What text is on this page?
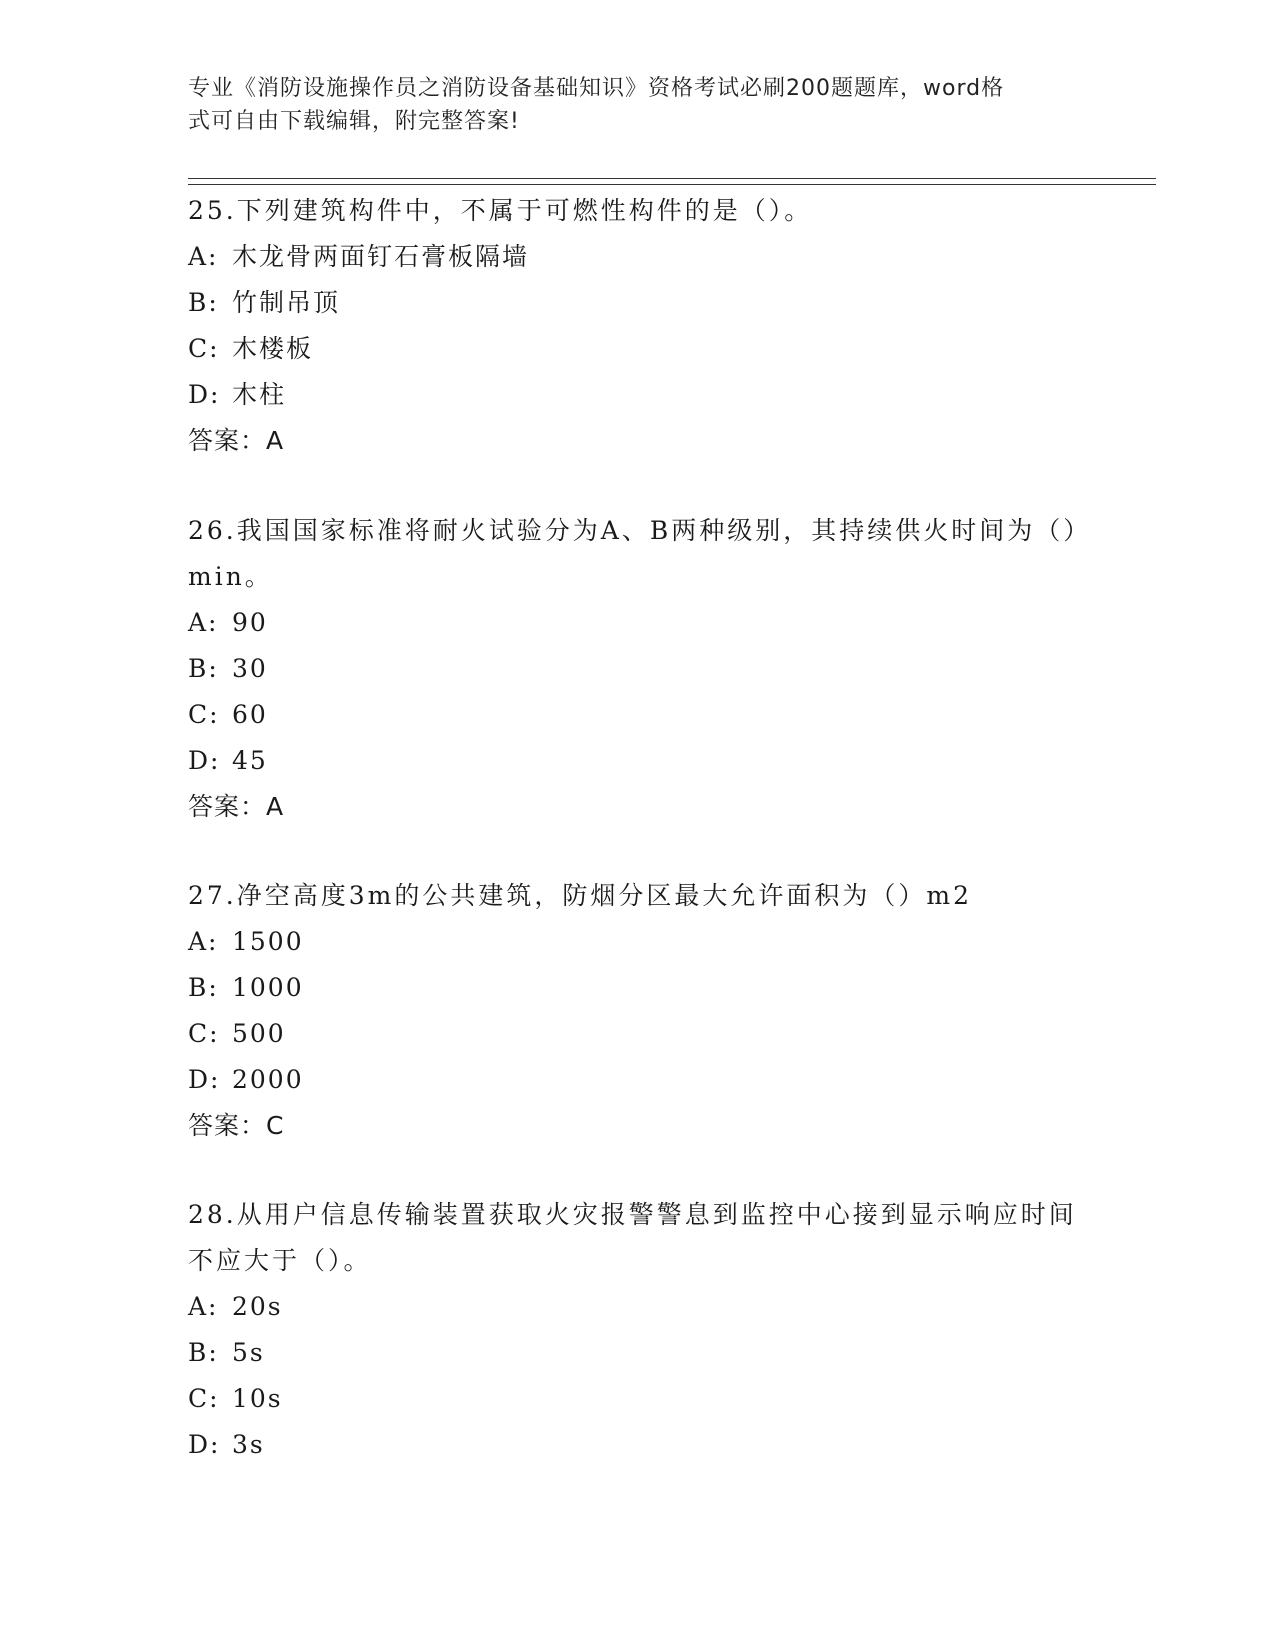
专业《消防设施操作员之消防设备基础知识》资格考试必刷200题题库，word格
式可自由下载编辑，附完整答案!

25.下列建筑构件中，不属于可燃性构件的是（）。

A: 木龙骨两面钉石膏板隔墙

B: 竹制吊顶

C: 木楼板

D: 木柱

答案：A

26.我国国家标准将耐火试验分为A、B两种级别，其持续供火时间为（）min。

A: 90

B: 30

C: 60

D: 45

答案：A

27.净空高度3m的公共建筑，防烟分区最大允许面积为（）m2

A: 1500

B: 1000

C: 500

D: 2000

答案：C

28.从用户信息传输装置获取火灾报警警息到监控中心接到显示响应时间不应大于（）。

A: 20s

B: 5s

C: 10s

D: 3s
